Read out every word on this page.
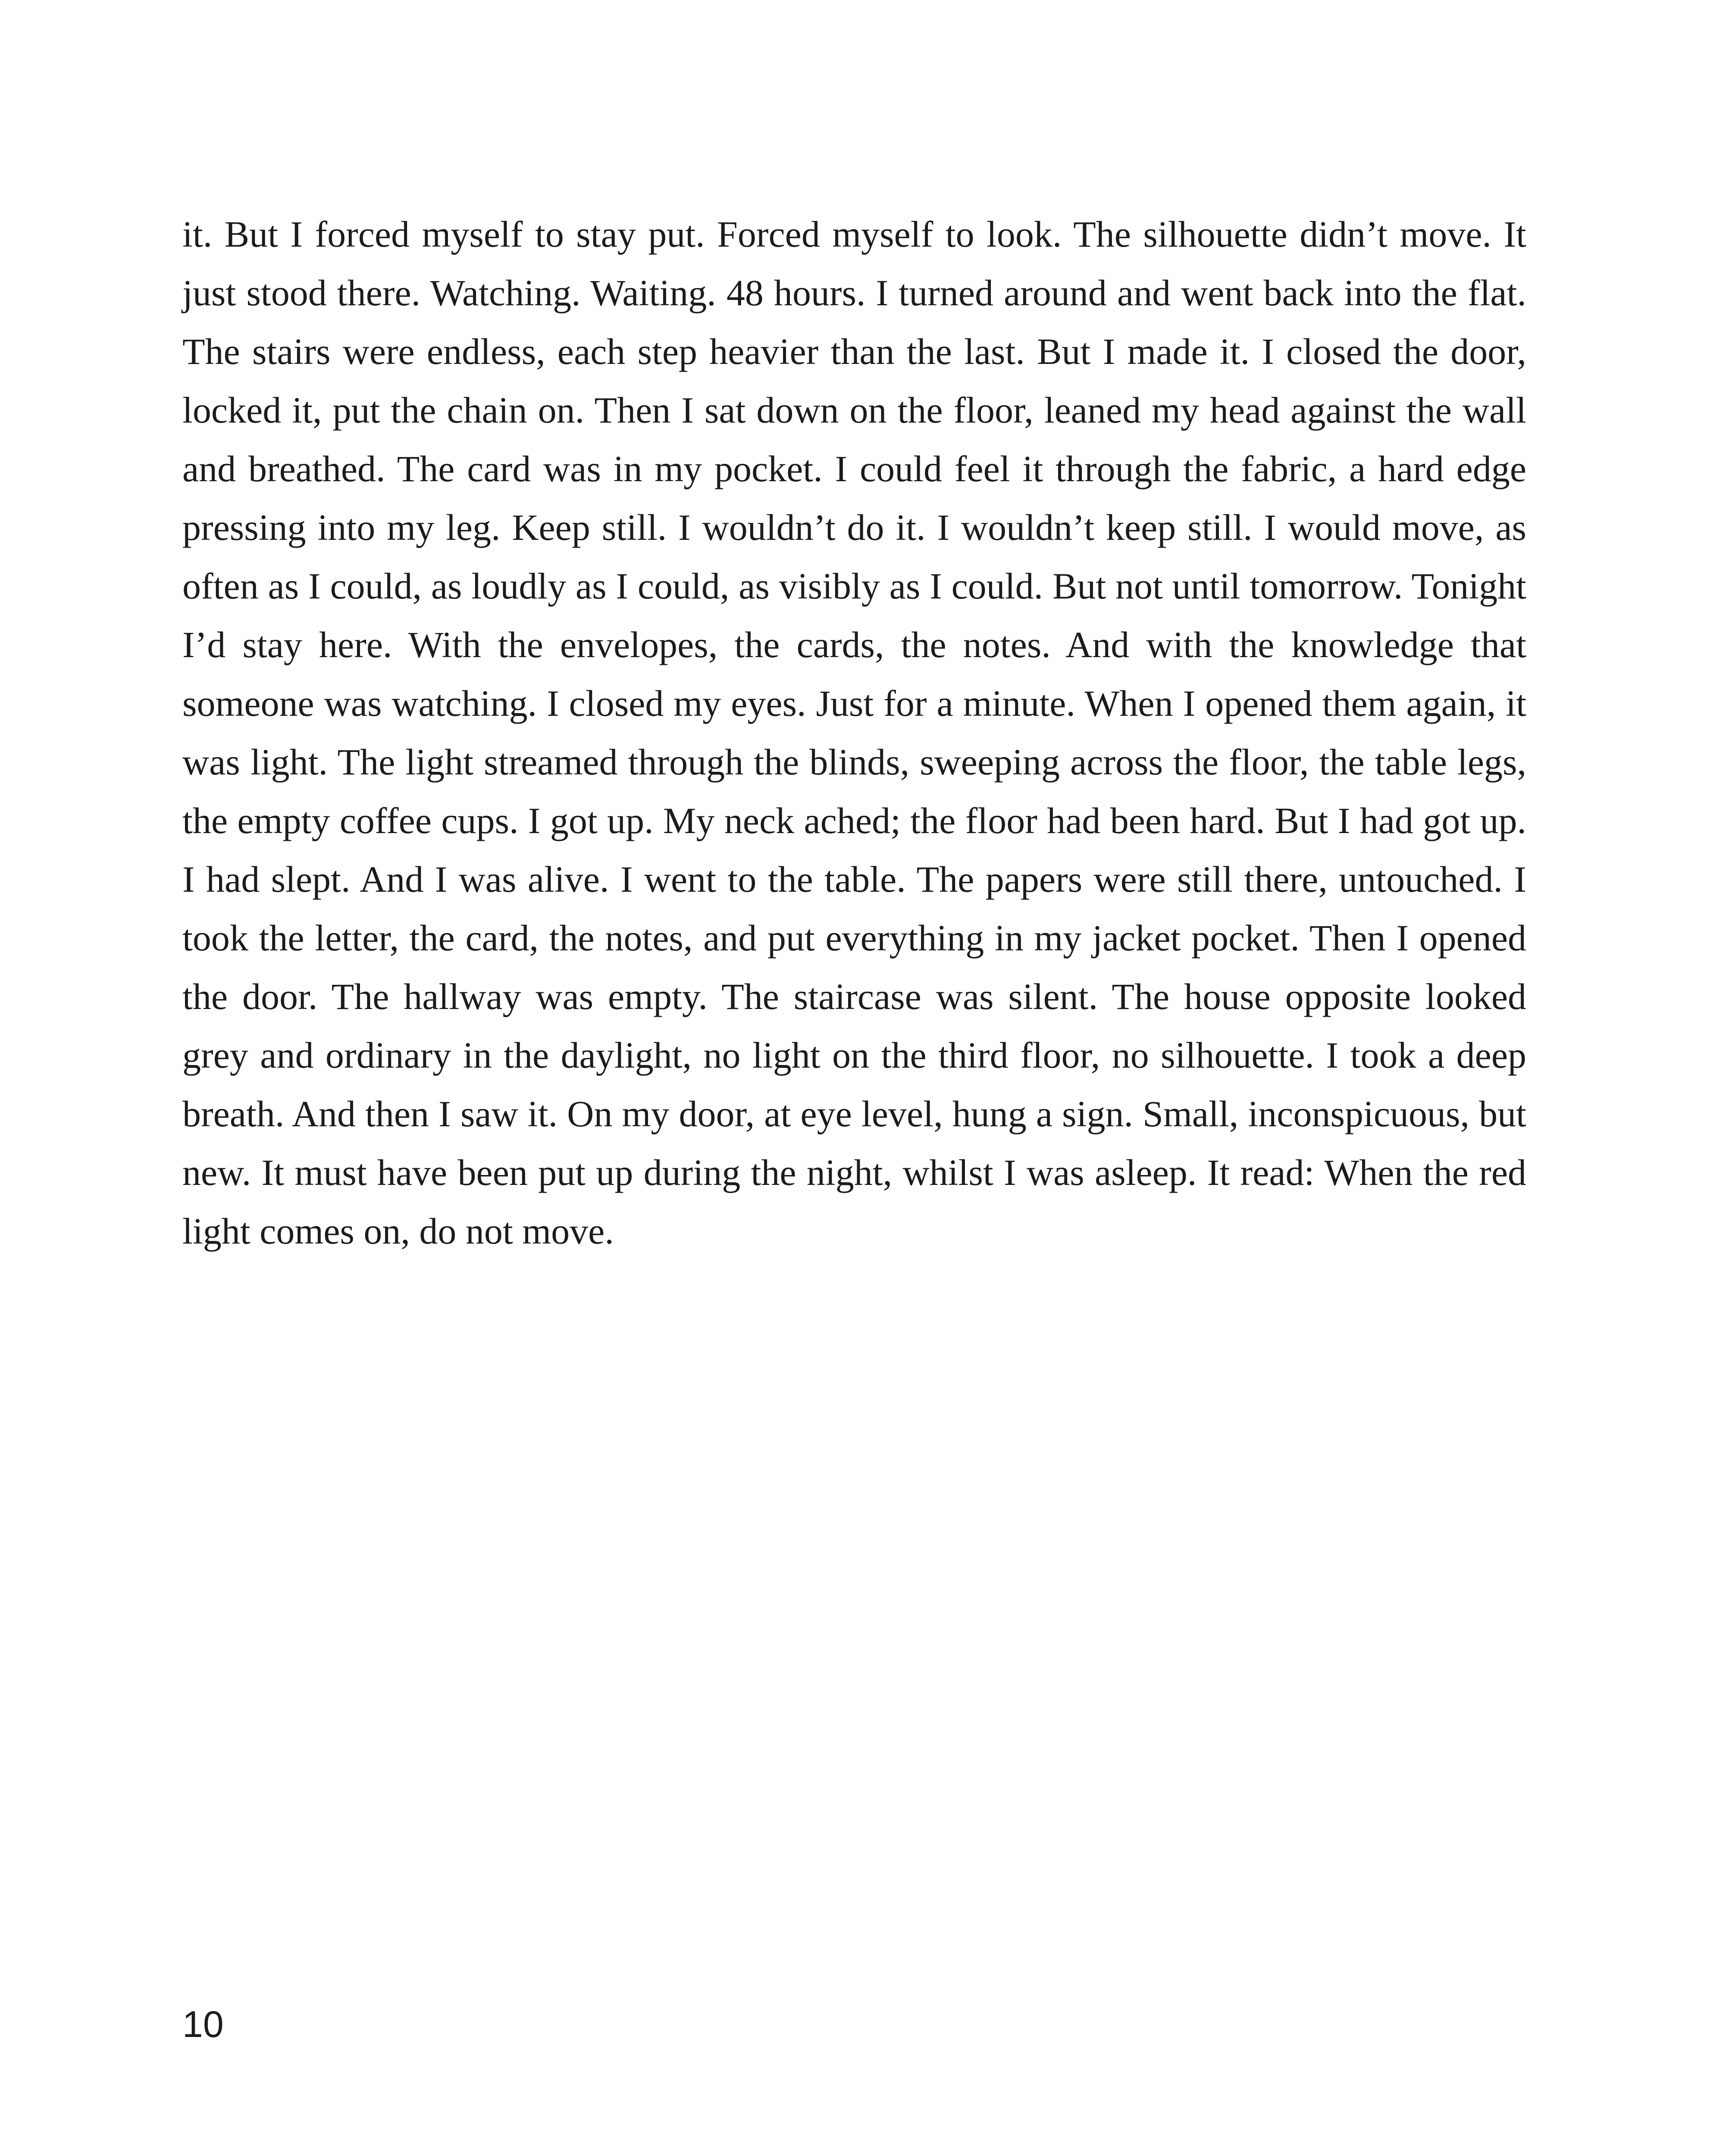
it. But I forced myself to stay put. Forced myself to look. The silhouette didn’t move. It just stood there. Watching. Waiting. 48 hours. I turned around and went back into the flat. The stairs were endless, each step heavier than the last. But I made it. I closed the door, locked it, put the chain on. Then I sat down on the floor, leaned my head against the wall and breathed. The card was in my pocket. I could feel it through the fabric, a hard edge pressing into my leg. Keep still. I wouldn’t do it. I wouldn’t keep still. I would move, as often as I could, as loudly as I could, as visibly as I could. But not until tomorrow. Tonight I’d stay here. With the envelopes, the cards, the notes. And with the knowledge that someone was watching. I closed my eyes. Just for a minute. When I opened them again, it was light. The light streamed through the blinds, sweeping across the floor, the table legs, the empty coffee cups. I got up. My neck ached; the floor had been hard. But I had got up. I had slept. And I was alive. I went to the table. The papers were still there, untouched. I took the letter, the card, the notes, and put everything in my jacket pocket. Then I opened the door. The hallway was empty. The staircase was silent. The house opposite looked grey and ordinary in the daylight, no light on the third floor, no silhouette. I took a deep breath. And then I saw it. On my door, at eye level, hung a sign. Small, inconspicuous, but new. It must have been put up during the night, whilst I was asleep. It read: When the red light comes on, do not move.

10
